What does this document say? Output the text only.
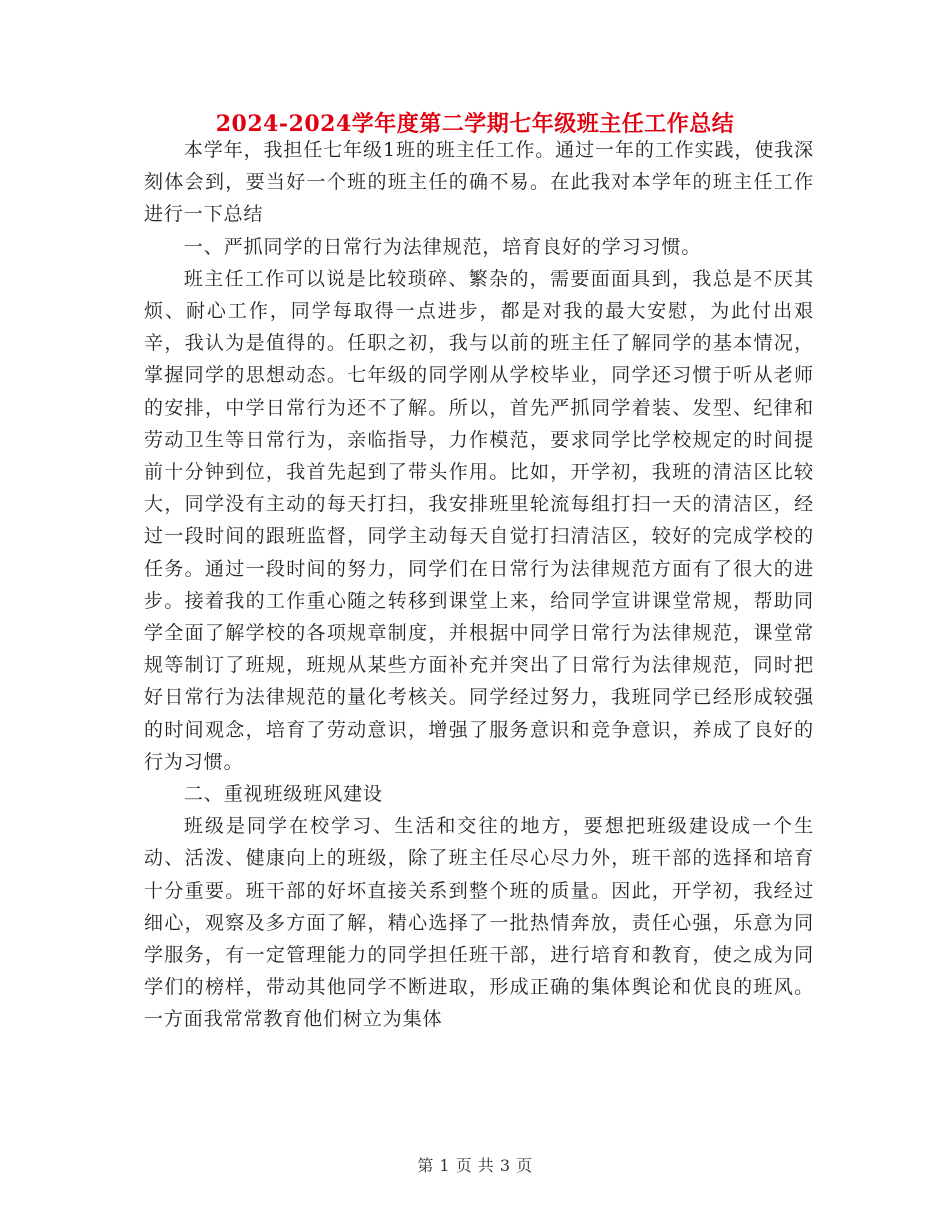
2024-2024学年度第二学期七年级班主任工作总结

本学年，我担任七年级1班的班主任工作。通过一年的工作实践，使我深刻体会到，要当好一个班的班主任的确不易。在此我对本学年的班主任工作进行一下总结

一、严抓同学的日常行为法律规范，培育良好的学习习惯。

班主任工作可以说是比较琐碎、繁杂的，需要面面具到，我总是不厌其烦、耐心工作，同学每取得一点进步，都是对我的最大安慰，为此付出艰辛，我认为是值得的。任职之初，我与以前的班主任了解同学的基本情况，掌握同学的思想动态。七年级的同学刚从学校毕业，同学还习惯于听从老师的安排，中学日常行为还不了解。所以，首先严抓同学着装、发型、纪律和劳动卫生等日常行为，亲临指导，力作模范，要求同学比学校规定的时间提前十分钟到位，我首先起到了带头作用。比如，开学初，我班的清洁区比较大，同学没有主动的每天打扫，我安排班里轮流每组打扫一天的清洁区，经过一段时间的跟班监督，同学主动每天自觉打扫清洁区，较好的完成学校的任务。通过一段时间的努力，同学们在日常行为法律规范方面有了很大的进步。接着我的工作重心随之转移到课堂上来，给同学宣讲课堂常规，帮助同学全面了解学校的各项规章制度，并根据中同学日常行为法律规范，课堂常规等制订了班规，班规从某些方面补充并突出了日常行为法律规范，同时把好日常行为法律规范的量化考核关。同学经过努力，我班同学已经形成较强的时间观念，培育了劳动意识，增强了服务意识和竞争意识，养成了良好的行为习惯。

二、重视班级班风建设

班级是同学在校学习、生活和交往的地方，要想把班级建设成一个生动、活泼、健康向上的班级，除了班主任尽心尽力外，班干部的选择和培育十分重要。班干部的好坏直接关系到整个班的质量。因此，开学初，我经过细心，观察及多方面了解，精心选择了一批热情奔放，责任心强，乐意为同学服务，有一定管理能力的同学担任班干部，进行培育和教育，使之成为同学们的榜样，带动其他同学不断进取，形成正确的集体舆论和优良的班风。一方面我常常教育他们树立为集体

第 1 页 共 3 页
